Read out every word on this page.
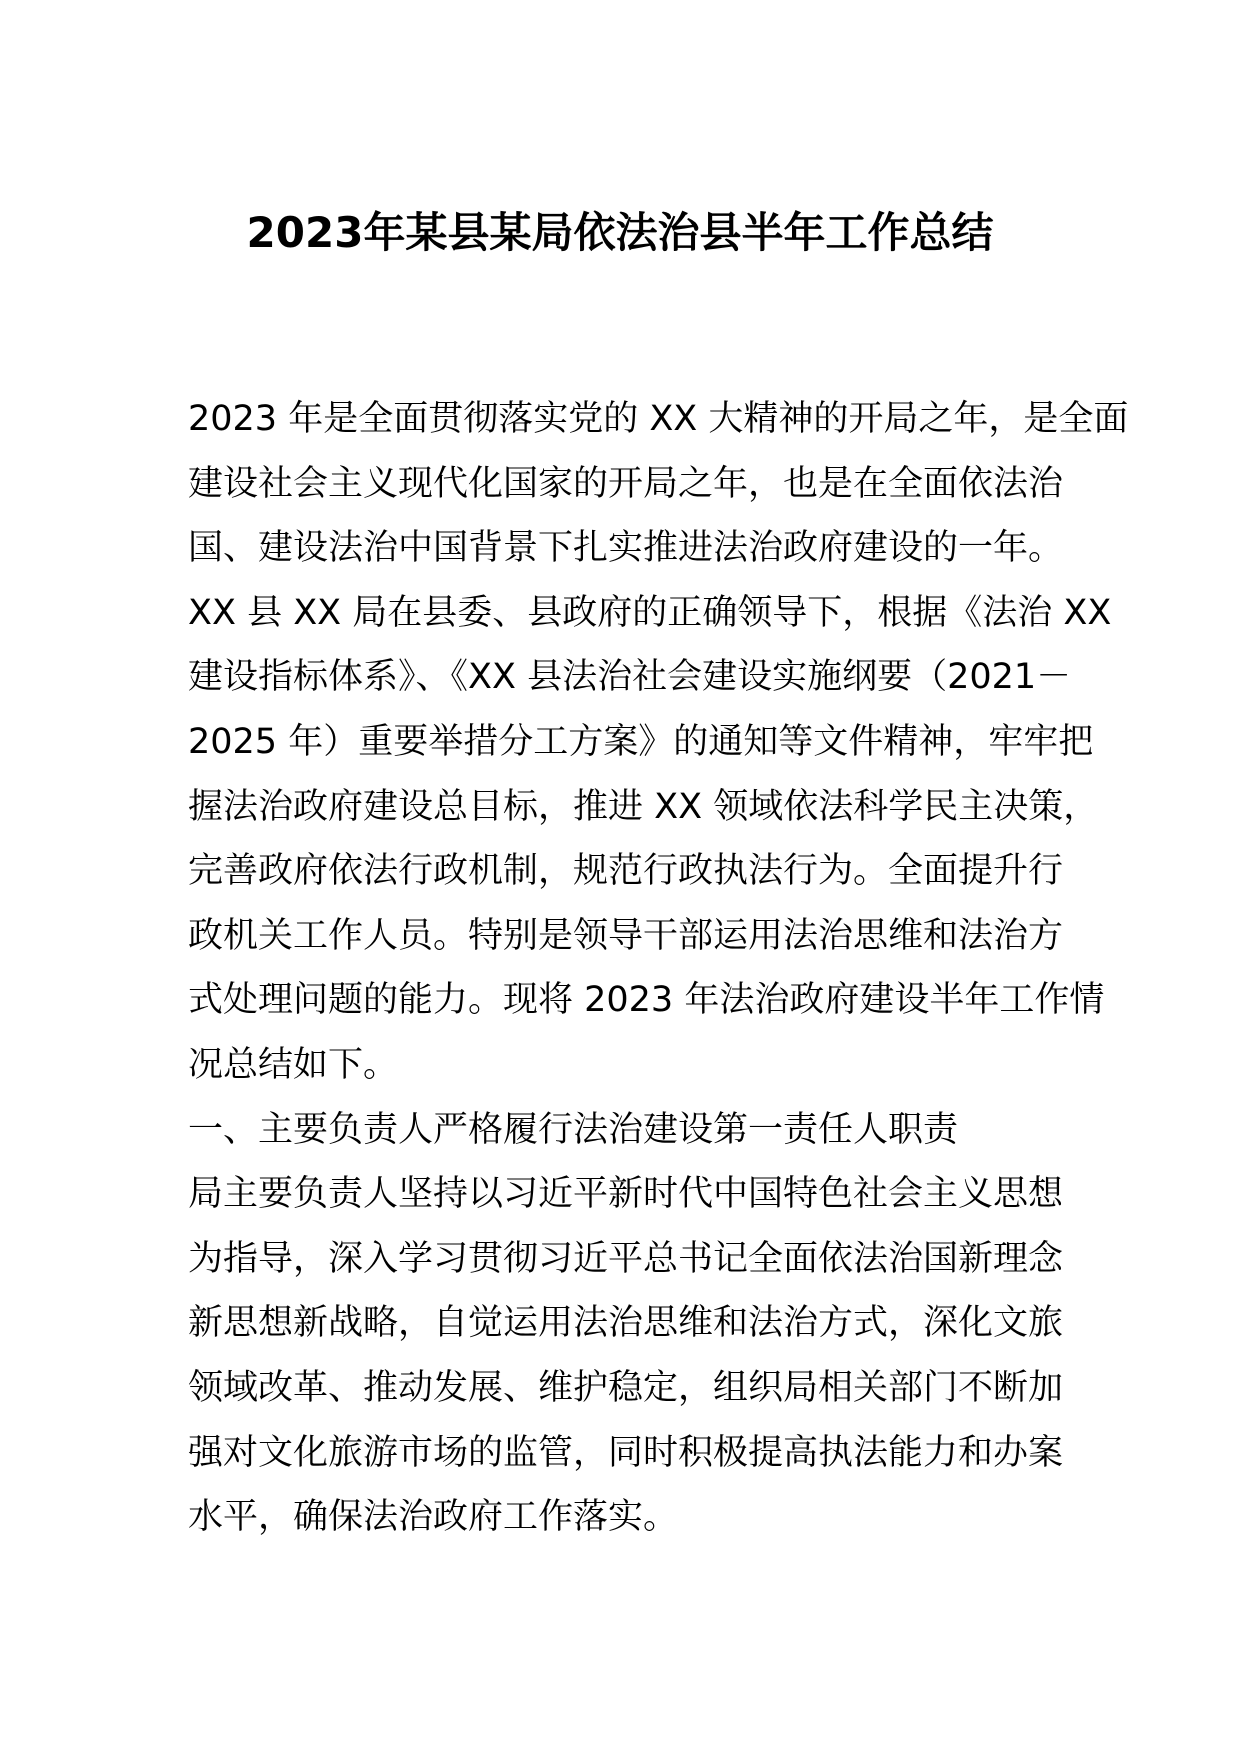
2023年某县某局依法治县半年工作总结
2023 年是全面贯彻落实党的 XX 大精神的开局之年，是全面
建设社会主义现代化国家的开局之年，也是在全面依法治
国、建设法治中国背景下扎实推进法治政府建设的一年。
XX 县 XX 局在县委、县政府的正确领导下，根据《法治 XX
建设指标体系》、《XX 县法治社会建设实施纲要（2021－
2025 年）重要举措分工方案》的通知等文件精神，牢牢把
握法治政府建设总目标，推进 XX 领域依法科学民主决策，
完善政府依法行政机制，规范行政执法行为。全面提升行
政机关工作人员。特别是领导干部运用法治思维和法治方
式处理问题的能力。现将 2023 年法治政府建设半年工作情
况总结如下。
一、主要负责人严格履行法治建设第一责任人职责
局主要负责人坚持以习近平新时代中国特色社会主义思想
为指导，深入学习贯彻习近平总书记全面依法治国新理念
新思想新战略，自觉运用法治思维和法治方式，深化文旅
领域改革、推动发展、维护稳定，组织局相关部门不断加
强对文化旅游市场的监管，同时积极提高执法能力和办案
水平，确保法治政府工作落实。
